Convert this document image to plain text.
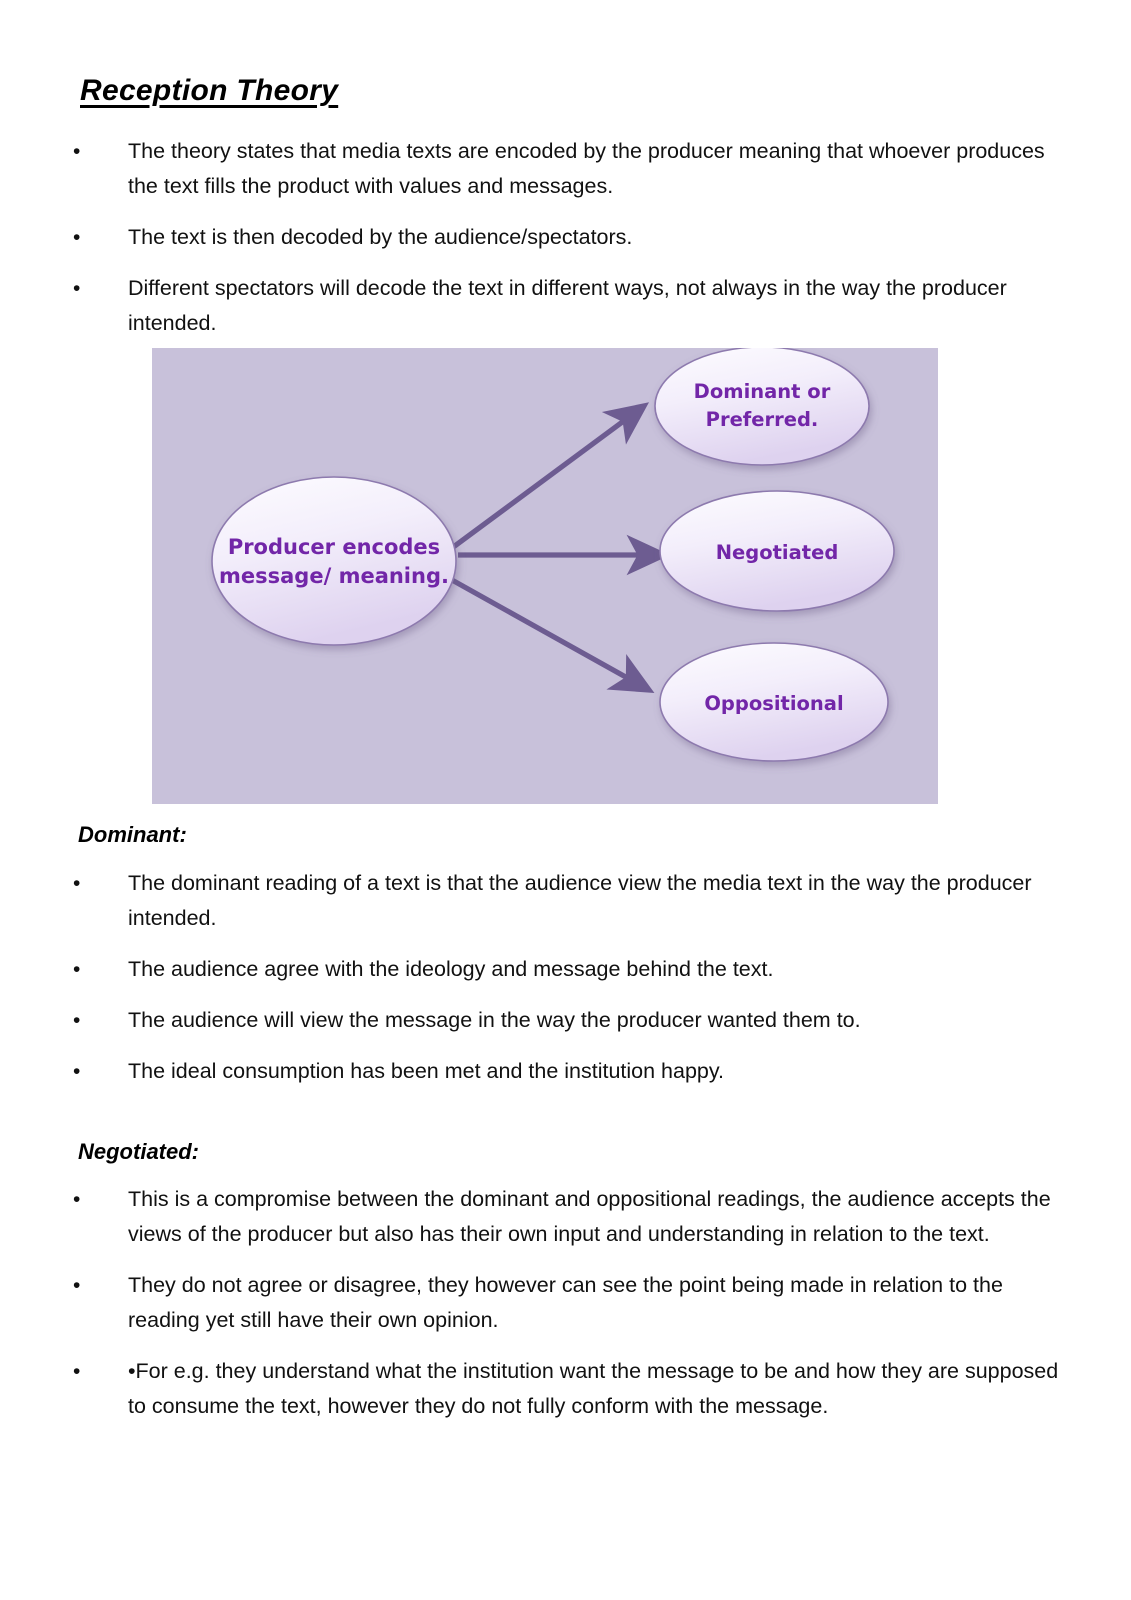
Reception Theory
• The theory states that media texts are encoded by the producer meaning that whoever produces the text fills the product with values and messages.
• The text is then decoded by the audience/spectators.
• Different spectators will decode the text in different ways, not always in the way the producer intended.
Producer encodes
message/ meaning.
Dominant or
Preferred.
Negotiated
Oppositional
Dominant:
• The dominant reading of a text is that the audience view the media text in the way the producer intended.
• The audience agree with the ideology and message behind the text.
• The audience will view the message in the way the producer wanted them to.
• The ideal consumption has been met and the institution happy.
Negotiated:
• This is a compromise between the dominant and oppositional readings, the audience accepts the views of the producer but also has their own input and understanding in relation to the text.
• They do not agree or disagree, they however can see the point being made in relation to the reading yet still have their own opinion.
• •For e.g. they understand what the institution want the message to be and how they are supposed to consume the text, however they do not fully conform with the message.
